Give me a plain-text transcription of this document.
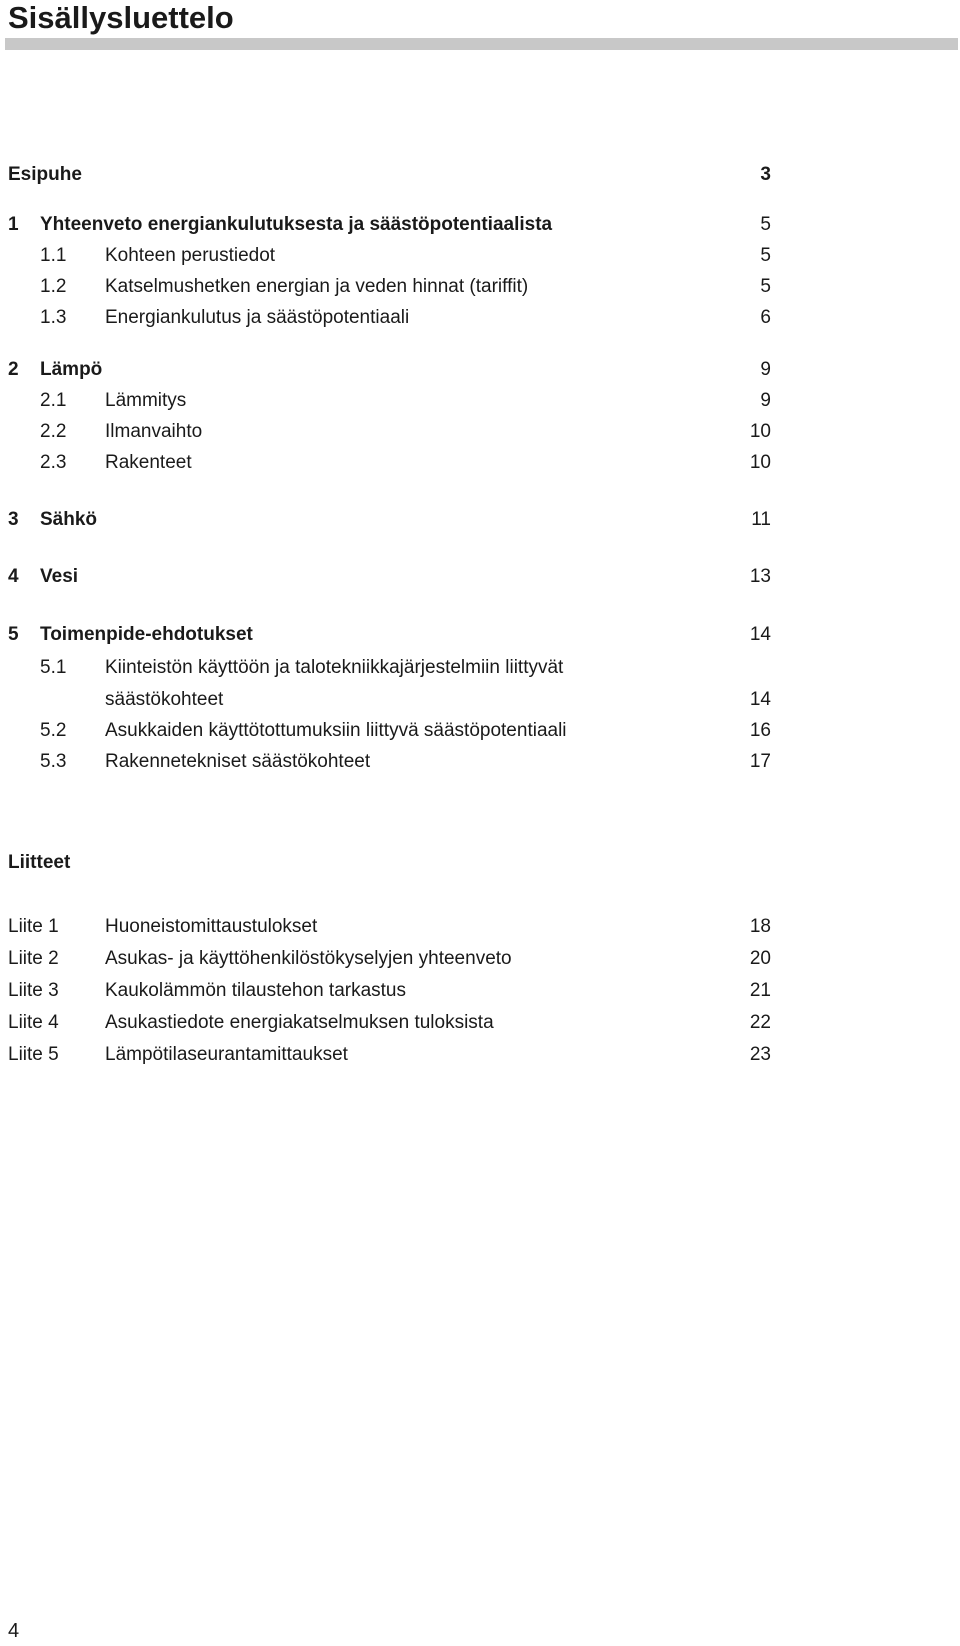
Sisällysluettelo
Esipuhe	3
1 Yhteenveto energiankulutuksesta ja säästöpotentiaalista	5
1.1 Kohteen perustiedot	5
1.2 Katselmushetken energian ja veden hinnat (tariffit)	5
1.3 Energiankulutus ja säästöpotentiaali	6
2 Lämpö	9
2.1 Lämmitys	9
2.2 Ilmanvaihto	10
2.3 Rakenteet	10
3 Sähkö	11
4 Vesi	13
5 Toimenpide-ehdotukset	14
5.1 Kiinteistön käyttöön ja talotekniikkajärjestelmiin liittyvät
säästökohteet	14
5.2 Asukkaiden käyttötottumuksiin liittyvä säästöpotentiaali	16
5.3 Rakennetekniset säästökohteet	17
Liitteet
Liite 1 Huoneistomittaustulokset	18
Liite 2 Asukas- ja käyttöhenkilöstökyselyjen yhteenveto	20
Liite 3 Kaukolämmön tilaustehon tarkastus	21
Liite 4 Asukastiedote energiakatselmuksen tuloksista	22
Liite 5 Lämpötilaseurantamittaukset	23
4
